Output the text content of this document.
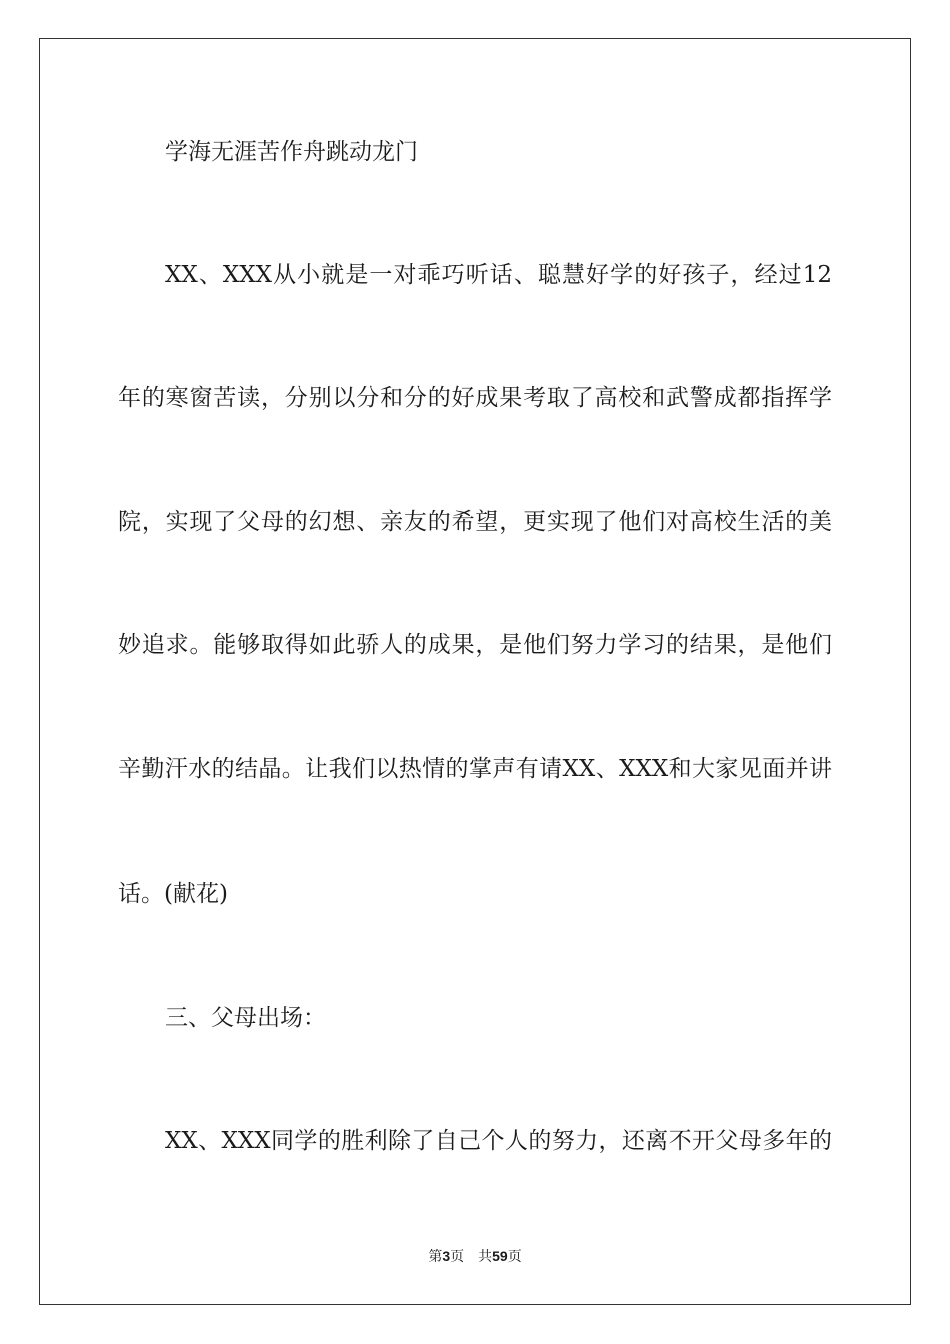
学海无涯苦作舟跳动龙门
XX、XXX从小就是一对乖巧听话、聪慧好学的好孩子，经过12
年的寒窗苦读，分别以分和分的好成果考取了高校和武警成都指挥学
院，实现了父母的幻想、亲友的希望，更实现了他们对高校生活的美
妙追求。能够取得如此骄人的成果，是他们努力学习的结果，是他们
辛勤汗水的结晶。让我们以热情的掌声有请XX、XXX和大家见面并讲
话。(献花)
三、父母出场：
XX、XXX同学的胜利除了自己个人的努力，还离不开父母多年的
第3页 共59页
